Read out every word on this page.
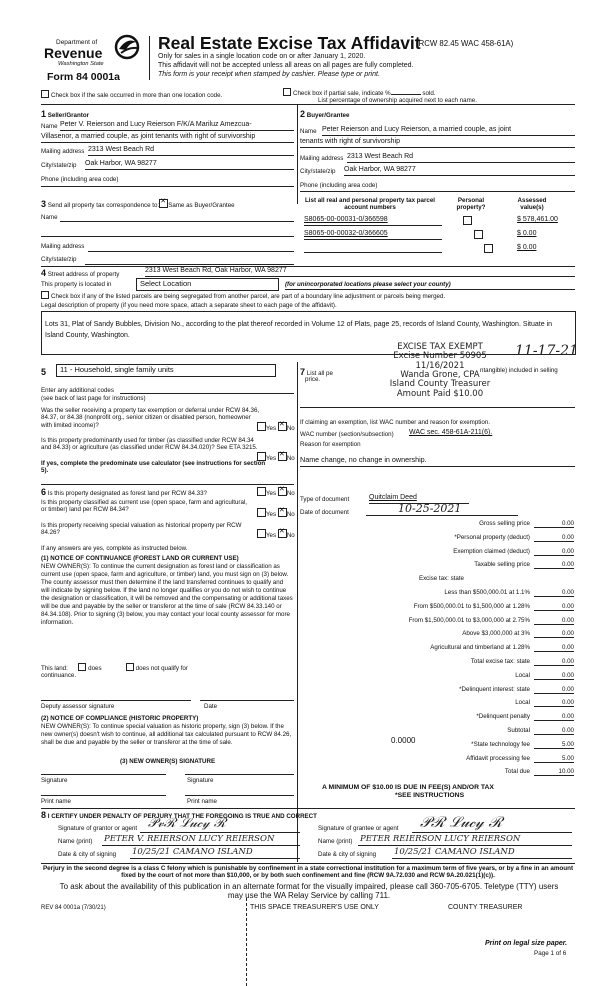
Department of
Revenue
Washington State
Form 84 0001a
Real Estate Excise Tax Affidavit
(RCW 82.45 WAC 458-61A)
Only for sales in a single location code on or after January 1, 2020.
This affidavit will not be accepted unless all areas on all pages are fully completed.
This form is your receipt when stamped by cashier. Please type or print.
Check box if the sale occurred in more than one location code.	Check box if partial sale, indicate %	sold.
List percentage of ownership acquired next to each name.
1 Seller/Grantor
Name Peter V. Reierson and Lucy Reierson F/K/A Mariluz Amezcua-
Villasenor, a married couple, as joint tenants with right of survivorship
Mailing address 2313 West Beach Rd
City/state/zip Oak Harbor, WA 98277
Phone (including area code)
2 Buyer/Grantee
Name Peter Reierson and Lucy Reierson, a married couple, as joint
tenants with right of survivorship
Mailing address 2313 West Beach Rd
City/state/zip Oak Harbor, WA 98277
Phone (including area code)
3 Send all property tax correspondence to: ✕ Same as Buyer/Grantee
Name
Mailing address
City/state/zip
List all real and personal property tax parcel account numbers
Personal property?
Assessed value(s)
S8065-00-00031-0/366598
	$ 578,461.00
S8065-00-00032-0/366605
	$ 0.00
$ 0.00
4 Street address of property
2313 West Beach Rd, Oak Harbor, WA 98277
This property is located in	Select Location	(for unincorporated locations please select your county)
Check box if any of the listed parcels are being segregated from another parcel, are part of a boundary line adjustment or parcels being merged.
Legal description of property (if you need more space, attach a separate sheet to each page of the affidavit).
Lots 31, Plat of Sandy Bubbles, Division No., according to the plat thereof recorded in Volume 12 of Plats, page 25, records of Island County, Washington. Situate in Island County, Washington.
EXCISE TAX EXEMPT
Excise Number 50905
11/16/2021
Wanda Grone, CPA
Island County Treasurer
Amount Paid $10.00
11-17-21
5	11 - Household, single family units
Enter any additional codes
(see back of last page for instructions)
Was the seller receiving a property tax exemption or deferral under RCW 84.36, 84.37, or 84.38 (nonprofit org., senior citizen or disabled person, homeowner with limited income)?	Yes ✕ No
Is this property predominantly used for timber (as classified under RCW 84.34 and 84.33) or agriculture (as classified under RCW 84.34.020)? See ETA 3215.
Yes ✕ No
If yes, complete the predominate use calculator (see instructions for section 5).
7 List all pe
price.
ntangible) included in selling
If claiming an exemption, list WAC number and reason for exemption.
WAC number (section/subsection) WAC sec. 458-61A-211(6).
Reason for exemption
Name change, no change in ownership.
Type of document	Quitclaim Deed
Date of document	10-25-2021
6 Is this property designated as forest land per RCW 84.33?	Yes ✕ No
Is this property classified as current use (open space, farm and agricultural, or timber) land per RCW 84.34?
Yes ✕ No
Is this property receiving special valuation as historical property per RCW 84.26?	Yes ✕ No
If any answers are yes, complete as instructed below.
(1) NOTICE OF CONTINUANCE (FOREST LAND OR CURRENT USE)
NEW OWNER(S): To continue the current designation as forest land or classification as current use (open space, farm and agriculture, or timber) land, you must sign on (3) below. The county assessor must then determine if the land transferred continues to qualify and will indicate by signing below. If the land no longer qualifies or you do not wish to continue the designation or classification, it will be removed and the compensating or additional taxes will be due and payable by the seller or transferor at the time of sale (RCW 84.33.140 or 84.34.108). Prior to signing (3) below, you may contact your local county assessor for more information.
This land:	does	does not qualify for
continuance.
Deputy assessor signature	Date
(2) NOTICE OF COMPLIANCE (HISTORIC PROPERTY)
NEW OWNER(S): To continue special valuation as historic property, sign (3) below. If the new owner(s) doesn't wish to continue, all additional tax calculated pursuant to RCW 84.26, shall be due and payable by the seller or transferor at the time of sale.
(3) NEW OWNER(S) SIGNATURE
Signature	Signature
Print name	Print name
Gross selling price	0.00
*Personal property (deduct)	0.00
Exemption claimed (deduct)	0.00
Taxable selling price	0.00
Excise tax: state
Less than $500,000.01 at 1.1%	0.00
From $500,000.01 to $1,500,000 at 1.28%	0.00
From $1,500,000.01 to $3,000,000 at 2.75%	0.00
Above $3,000,000 at 3%	0.00
Agricultural and timberland at 1.28%	0.00
Total excise tax: state	0.00
Local	0.00
*Delinquent interest: state	0.00
Local	0.00
*Delinquent penalty	0.00
Subtotal	0.00
*State technology fee	5.00
Affidavit processing fee	5.00
Total due	10.00
0.0000
A MINIMUM OF $10.00 IS DUE IN FEE(S) AND/OR TAX
*SEE INSTRUCTIONS
8 I CERTIFY UNDER PENALTY OF PERJURY THAT THE FOREGOING IS TRUE AND CORRECT
Signature of grantor or agent 𝒫𝓋ℛ ℒ𝓊𝒸𝓎 ℛ	Signature of grantee or agent 𝒫ℛ ℒ𝓊𝒸𝓎 ℛ
Name (print) PETER V. REIERSON LUCY REIERSON	Name (print) PETER REIERSON LUCY REIERSON
Date & city of signing 10/25/21 CAMANO ISLAND	Date & city of signing 10/25/21 CAMANO ISLAND
Perjury in the second degree is a class C felony which is punishable by confinement in a state correctional institution for a maximum term of five years, or by a fine in an amount fixed by the court of not more than $10,000, or by both such confinement and fine (RCW 9A.72.030 and RCW 9A.20.021(1)(c)).
To ask about the availability of this publication in an alternate format for the visually impaired, please call 360-705-6705. Teletype (TTY) users may use the WA Relay Service by calling 711.
REV 84 0001a (7/30/21)	THIS SPACE TREASURER'S USE ONLY	COUNTY TREASURER
Print on legal size paper.
Page 1 of 6
